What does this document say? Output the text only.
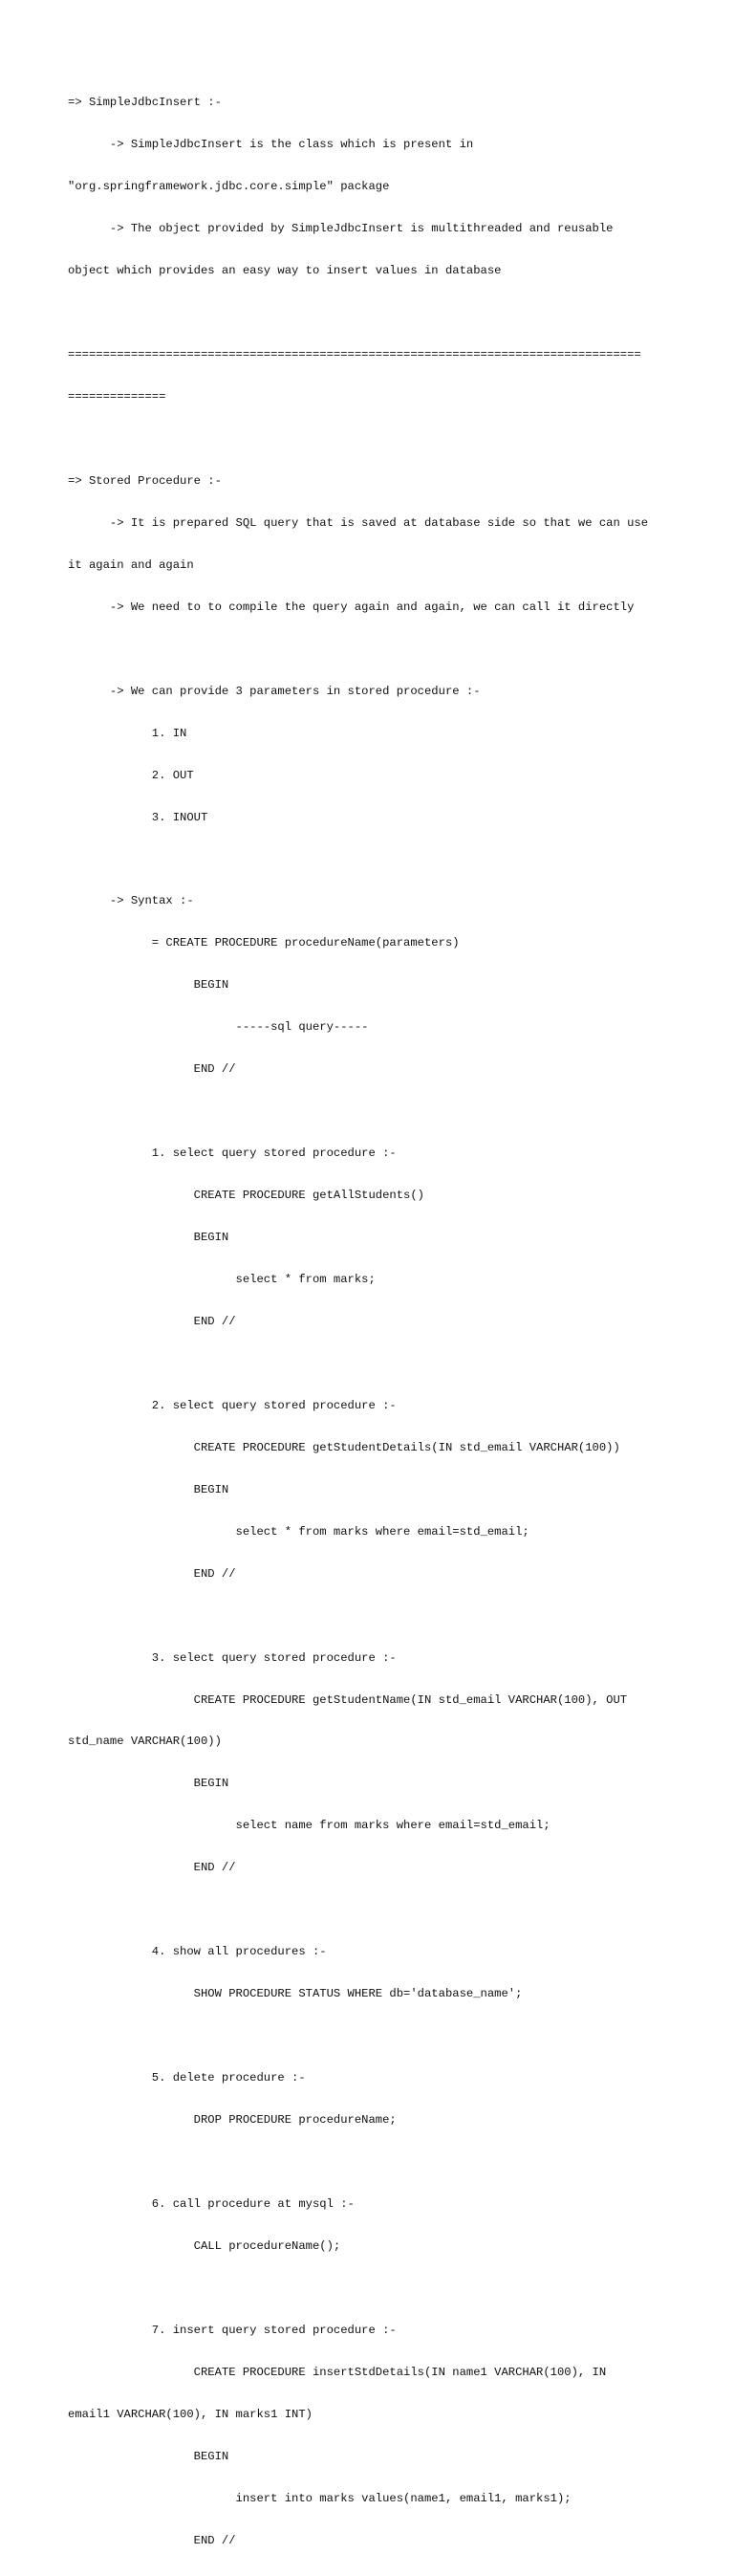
=> SimpleJdbcInsert :-

-> SimpleJdbcInsert is the class which is present in

"org.springframework.jdbc.core.simple" package

-> The object provided by SimpleJdbcInsert is multithreaded and reusable

object which provides an easy way to insert values in database

==================================================================================

==============

=> Stored Procedure :-

-> It is prepared SQL query that is saved at database side so that we can use

it again and again

-> We need to to compile the query again and again, we can call it directly

-> We can provide 3 parameters in stored procedure :-

1. IN

2. OUT

3. INOUT

-> Syntax :-

= CREATE PROCEDURE procedureName(parameters)

BEGIN

-----sql query-----

END //

1. select query stored procedure :-

CREATE PROCEDURE getAllStudents()

BEGIN

select * from marks;

END //

2. select query stored procedure :-

CREATE PROCEDURE getStudentDetails(IN std_email VARCHAR(100))

BEGIN

select * from marks where email=std_email;

END //

3. select query stored procedure :-

CREATE PROCEDURE getStudentName(IN std_email VARCHAR(100), OUT

std_name VARCHAR(100))

BEGIN

select name from marks where email=std_email;

END //

4. show all procedures :-

SHOW PROCEDURE STATUS WHERE db='database_name';

5. delete procedure :-

DROP PROCEDURE procedureName;

6. call procedure at mysql :-

CALL procedureName();

7. insert query stored procedure :-

CREATE PROCEDURE insertStdDetails(IN name1 VARCHAR(100), IN

email1 VARCHAR(100), IN marks1 INT)

BEGIN

insert into marks values(name1, email1, marks1);

END //
